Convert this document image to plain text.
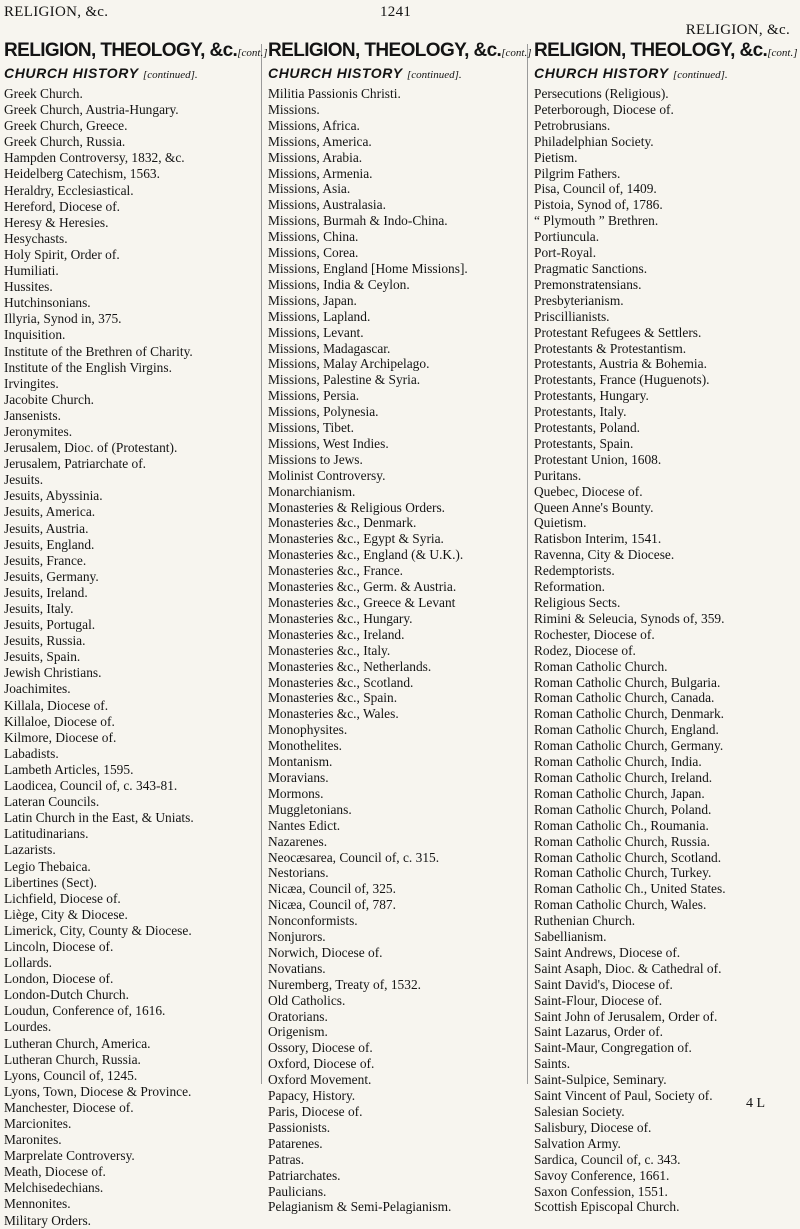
RELIGION, &c.	1241
RELIGION, &c.
RELIGION, THEOLOGY, &c.[cont.]
CHURCH HISTORY [continued].
Greek Church.
Greek Church, Austria-Hungary.
Greek Church, Greece.
Greek Church, Russia.
Hampden Controversy, 1832, &c.
Heidelberg Catechism, 1563.
Heraldry, Ecclesiastical.
Hereford, Diocese of.
Heresy & Heresies.
Hesychasts.
Holy Spirit, Order of.
Humiliati.
Hussites.
Hutchinsonians.
Illyria, Synod in, 375.
Inquisition.
Institute of the Brethren of Charity.
Institute of the English Virgins.
Irvingites.
Jacobite Church.
Jansenists.
Jeronymites.
Jerusalem, Dioc. of (Protestant).
Jerusalem, Patriarchate of.
Jesuits.
Jesuits, Abyssinia.
Jesuits, America.
Jesuits, Austria.
Jesuits, England.
Jesuits, France.
Jesuits, Germany.
Jesuits, Ireland.
Jesuits, Italy.
Jesuits, Portugal.
Jesuits, Russia.
Jesuits, Spain.
Jewish Christians.
Joachimites.
Killala, Diocese of.
Killaloe, Diocese of.
Kilmore, Diocese of.
Labadists.
Lambeth Articles, 1595.
Laodicea, Council of, c. 343-81.
Lateran Councils.
Latin Church in the East, & Uniats.
Latitudinarians.
Lazarists.
Legio Thebaica.
Libertines (Sect).
Lichfield, Diocese of.
Liège, City & Diocese.
Limerick, City, County & Diocese.
Lincoln, Diocese of.
Lollards.
London, Diocese of.
London-Dutch Church.
Loudun, Conference of, 1616.
Lourdes.
Lutheran Church, America.
Lutheran Church, Russia.
Lyons, Council of, 1245.
Lyons, Town, Diocese & Province.
Manchester, Diocese of.
Marcionites.
Maronites.
Marprelate Controversy.
Meath, Diocese of.
Melchisedechians.
Mennonites.
Military Orders.
RELIGION, THEOLOGY, &c.[cont.]
CHURCH HISTORY [continued].
Militia Passionis Christi.
Missions.
Missions, Africa.
Missions, America.
Missions, Arabia.
Missions, Armenia.
Missions, Asia.
Missions, Australasia.
Missions, Burmah & Indo-China.
Missions, China.
Missions, Corea.
Missions, England [Home Missions].
Missions, India & Ceylon.
Missions, Japan.
Missions, Lapland.
Missions, Levant.
Missions, Madagascar.
Missions, Malay Archipelago.
Missions, Palestine & Syria.
Missions, Persia.
Missions, Polynesia.
Missions, Tibet.
Missions, West Indies.
Missions to Jews.
Molinist Controversy.
Monarchianism.
Monasteries & Religious Orders.
Monasteries &c., Denmark.
Monasteries &c., Egypt & Syria.
Monasteries &c., England (& U.K.).
Monasteries &c., France.
Monasteries &c., Germ. & Austria.
Monasteries &c., Greece & Levant
Monasteries &c., Hungary.
Monasteries &c., Ireland.
Monasteries &c., Italy.
Monasteries &c., Netherlands.
Monasteries &c., Scotland.
Monasteries &c., Spain.
Monasteries &c., Wales.
Monophysites.
Monothelites.
Montanism.
Moravians.
Mormons.
Muggletonians.
Nantes Edict.
Nazarenes.
Neocæsarea, Council of, c. 315.
Nestorians.
Nicæa, Council of, 325.
Nicæa, Council of, 787.
Nonconformists.
Nonjurors.
Norwich, Diocese of.
Novatians.
Nuremberg, Treaty of, 1532.
Old Catholics.
Oratorians.
Origenism.
Ossory, Diocese of.
Oxford, Diocese of.
Oxford Movement.
Papacy, History.
Paris, Diocese of.
Passionists.
Patarenes.
Patras.
Patriarchates.
Paulicians.
Pelagianism & Semi-Pelagianism.
RELIGION, THEOLOGY, &c.[cont.]
CHURCH HISTORY [continued].
Persecutions (Religious).
Peterborough, Diocese of.
Petrobrusians.
Philadelphian Society.
Pietism.
Pilgrim Fathers.
Pisa, Council of, 1409.
Pistoia, Synod of, 1786.
“ Plymouth ” Brethren.
Portiuncula.
Port-Royal.
Pragmatic Sanctions.
Premonstratensians.
Presbyterianism.
Priscillianists.
Protestant Refugees & Settlers.
Protestants & Protestantism.
Protestants, Austria & Bohemia.
Protestants, France (Huguenots).
Protestants, Hungary.
Protestants, Italy.
Protestants, Poland.
Protestants, Spain.
Protestant Union, 1608.
Puritans.
Quebec, Diocese of.
Queen Anne's Bounty.
Quietism.
Ratisbon Interim, 1541.
Ravenna, City & Diocese.
Redemptorists.
Reformation.
Religious Sects.
Rimini & Seleucia, Synods of, 359.
Rochester, Diocese of.
Rodez, Diocese of.
Roman Catholic Church.
Roman Catholic Church, Bulgaria.
Roman Catholic Church, Canada.
Roman Catholic Church, Denmark.
Roman Catholic Church, England.
Roman Catholic Church, Germany.
Roman Catholic Church, India.
Roman Catholic Church, Ireland.
Roman Catholic Church, Japan.
Roman Catholic Church, Poland.
Roman Catholic Ch., Roumania.
Roman Catholic Church, Russia.
Roman Catholic Church, Scotland.
Roman Catholic Church, Turkey.
Roman Catholic Ch., United States.
Roman Catholic Church, Wales.
Ruthenian Church.
Sabellianism.
Saint Andrews, Diocese of.
Saint Asaph, Dioc. & Cathedral of.
Saint David's, Diocese of.
Saint-Flour, Diocese of.
Saint John of Jerusalem, Order of.
Saint Lazarus, Order of.
Saint-Maur, Congregation of.
Saints.
Saint-Sulpice, Seminary.
Saint Vincent of Paul, Society of.
Salesian Society.
Salisbury, Diocese of.
Salvation Army.
Sardica, Council of, c. 343.
Savoy Conference, 1661.
Saxon Confession, 1551.
Scottish Episcopal Church.
4 L
